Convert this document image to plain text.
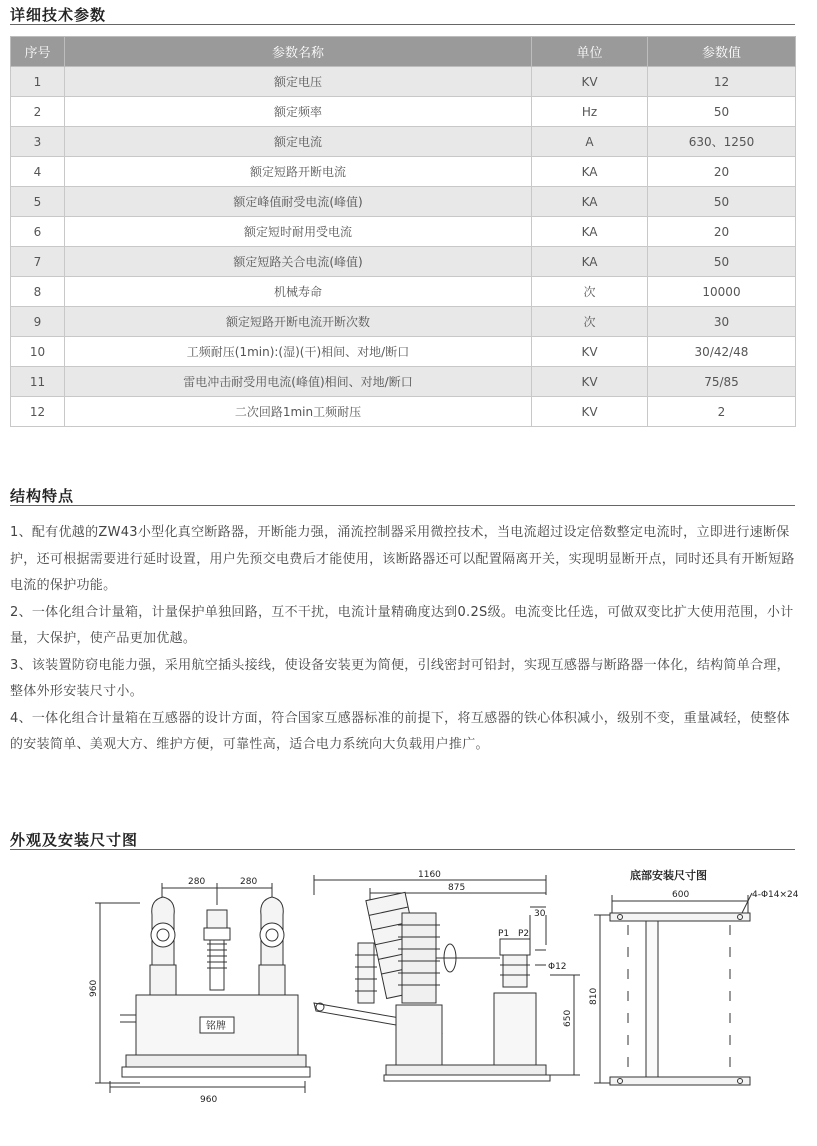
详细技术参数
序号	参数名称	单位	参数值
1	额定电压	KV	12
2	额定频率	Hz	50
3	额定电流	A	630、1250
4	额定短路开断电流	KA	20
5	额定峰值耐受电流(峰值)	KA	50
6	额定短时耐用受电流	KA	20
7	额定短路关合电流(峰值)	KA	50
8	机械寿命	次	10000
9	额定短路开断电流开断次数	次	30
10	工频耐压(1min):(湿)(干)相间、对地/断口	KV	30/42/48
11	雷电冲击耐受用电流(峰值)相间、对地/断口	KV	75/85
12	二次回路1min工频耐压	KV	2
结构特点

1、配有优越的ZW43小型化真空断路器，开断能力强，涌流控制器采用微控技术，当电流超过设定倍数整定电流时，立即进行速断保护，还可根据需要进行延时设置，用户先预交电费后才能使用，该断路器还可以配置隔离开关，实现明显断开点，同时还具有开断短路电流的保护功能。

2、一体化组合计量箱，计量保护单独回路，互不干扰，电流计量精确度达到0.2S级。电流变比任选，可做双变比扩大使用范围，小计量，大保护，使产品更加优越。

3、该装置防窃电能力强，采用航空插头接线，使设备安装更为简便，引线密封可铅封，实现互感器与断路器一体化，结构简单合理，整体外形安装尺寸小。

4、一体化组合计量箱在互感器的设计方面，符合国家互感器标准的前提下，将互感器的铁心体积减小，级别不变，重量减轻，使整体的安装简单、美观大方、维护方便，可靠性高，适合电力系统向大负载用户推广。

外观及安装尺寸图
280	280
960
960
铭牌
1160
875
30
P1 P2
Φ12
650
底部安装尺寸图
600	4-Φ14×24
810
